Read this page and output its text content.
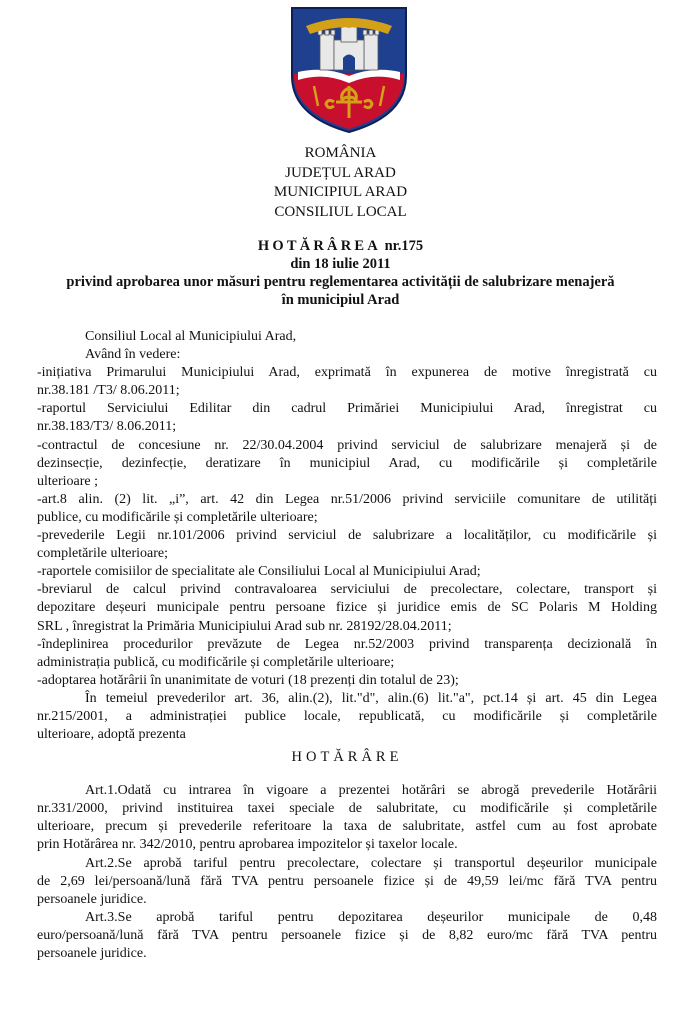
ROMÂNIA
JUDEȚUL ARAD
MUNICIPIUL ARAD
CONSILIUL LOCAL
HOTĂRÂREA nr.175
din 18 iulie 2011
privind aprobarea unor măsuri pentru reglementarea activității de salubrizare menajeră
în municipiul Arad
Consiliul Local al Municipiului Arad,
Având în vedere:
-inițiativa Primarului Municipiului Arad, exprimată în expunerea de motive înregistrată cu
nr.38.181 /T3/ 8.06.2011;
-raportul Serviciului Edilitar din cadrul Primăriei Municipiului Arad, înregistrat cu
nr.38.183/T3/ 8.06.2011;
-contractul de concesiune nr. 22/30.04.2004 privind serviciul de salubrizare menajeră și de
dezinsecție, dezinfecție, deratizare în municipiul Arad, cu modificările și completările
ulterioare ;
-art.8 alin. (2) lit. „i”, art. 42 din Legea nr.51/2006 privind serviciile comunitare de utilități
publice, cu modificările și completările ulterioare;
-prevederile Legii nr.101/2006 privind serviciul de salubrizare a localităților, cu modificările și
completările ulterioare;
-raportele comisiilor de specialitate ale Consiliului Local al Municipiului Arad;
-breviarul de calcul privind contravaloarea serviciului de precolectare, colectare, transport și
depozitare deșeuri municipale pentru persoane fizice și juridice emis de SC Polaris M Holding
SRL , înregistrat la Primăria Municipiului Arad sub nr. 28192/28.04.2011;
-îndeplinirea procedurilor prevăzute de Legea nr.52/2003 privind transparența decizională în
administrația publică, cu modificările și completările ulterioare;
-adoptarea hotărârii în unanimitate de voturi (18 prezenți din totalul de 23);
În temeiul prevederilor art. 36, alin.(2), lit."d", alin.(6) lit."a", pct.14 și art. 45 din Legea
nr.215/2001, a administrației publice locale, republicată, cu modificările și completările
ulterioare, adoptă prezenta
HOTĂRÂRE
Art.1.Odată cu intrarea în vigoare a prezentei hotărâri se abrogă prevederile Hotărârii
nr.331/2000, privind instituirea taxei speciale de salubritate, cu modificările și completările
ulterioare, precum și prevederile referitoare la taxa de salubritate, astfel cum au fost aprobate
prin Hotărârea nr. 342/2010, pentru aprobarea impozitelor și taxelor locale.
Art.2.Se aprobă tariful pentru precolectare, colectare și transportul deșeurilor municipale
de 2,69 lei/persoană/lună fără TVA pentru persoanele fizice și de 49,59 lei/mc fără TVA pentru
persoanele juridice.
Art.3.Se aprobă tariful pentru depozitarea deșeurilor municipale de 0,48
euro/persoană/lună fără TVA pentru persoanele fizice și de 8,82 euro/mc fără TVA pentru
persoanele juridice.
